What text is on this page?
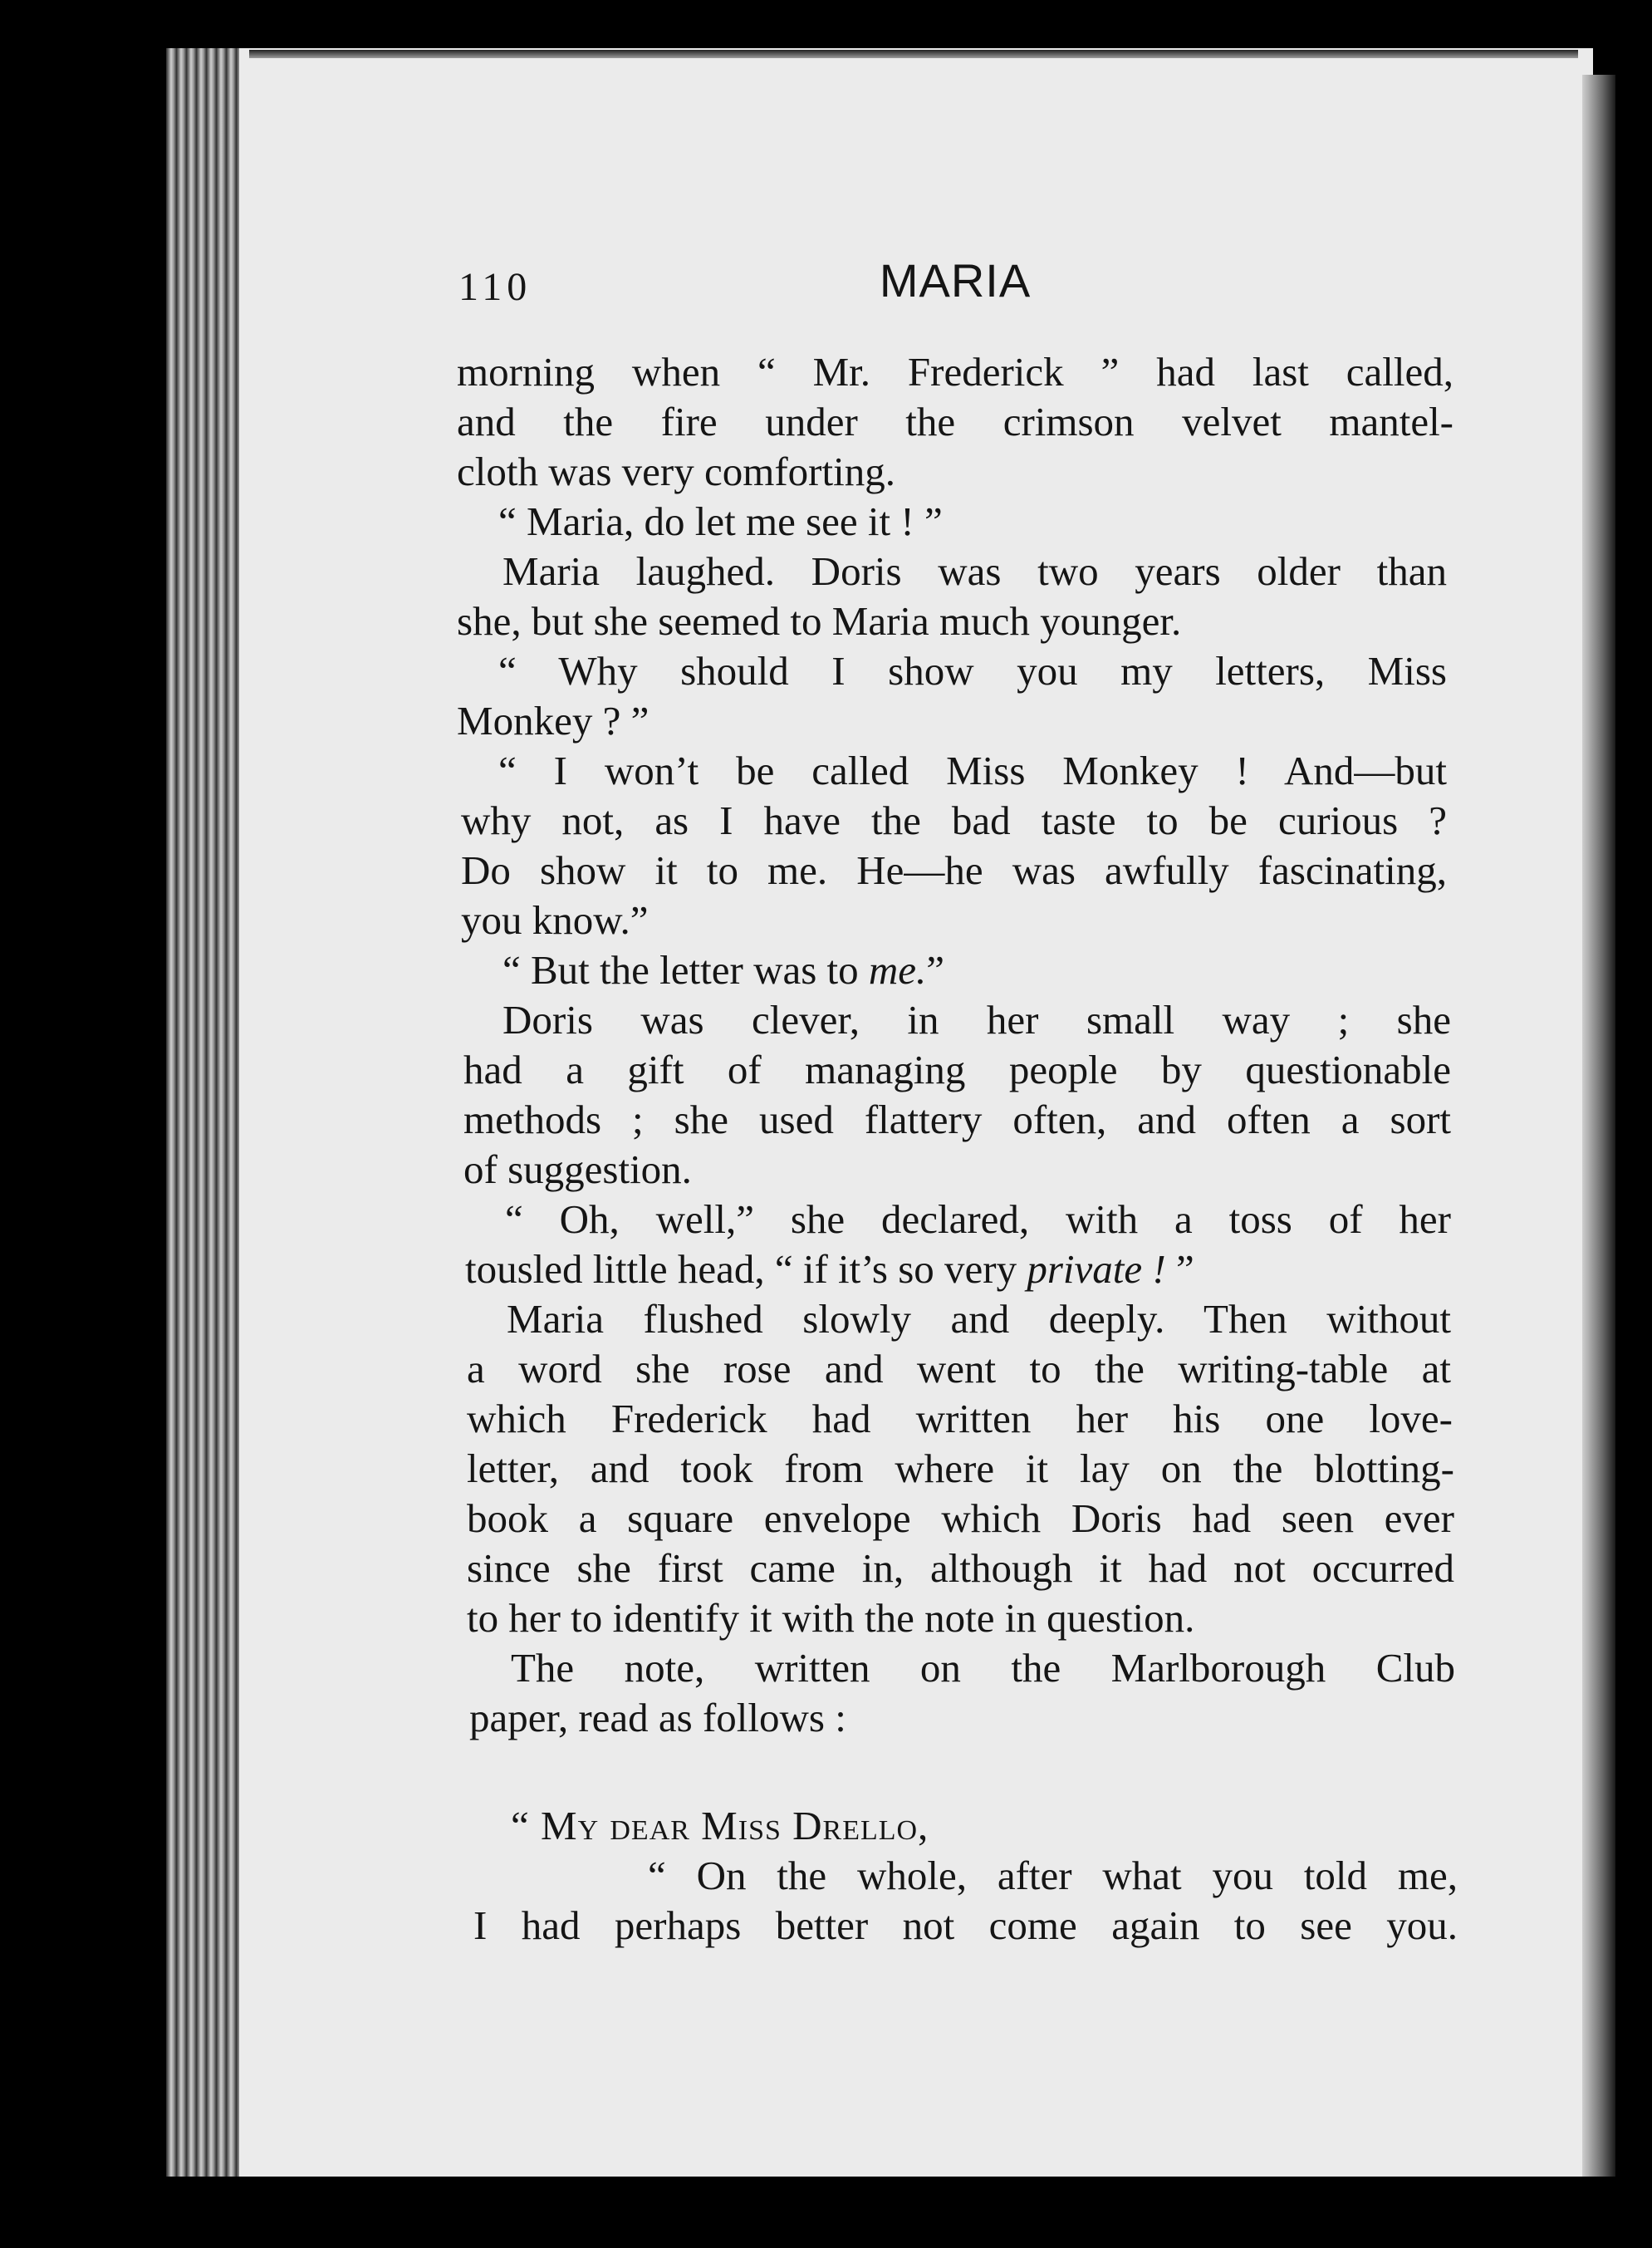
110	MARIA
morning when “ Mr. Frederick ” had last called,
and the fire under the crimson velvet mantel-
cloth was very comforting.
“ Maria, do let me see it ! ”
Maria laughed. Doris was two years older than
she, but she seemed to Maria much younger.
“ Why should I show you my letters, Miss
Monkey ? ”
“ I won’t be called Miss Monkey ! And—but
why not, as I have the bad taste to be curious ?
Do show it to me. He—he was awfully fascinating,
you know.”
“ But the letter was to me.”
Doris was clever, in her small way ; she
had a gift of managing people by questionable
methods ; she used flattery often, and often a sort
of suggestion.
“ Oh, well,” she declared, with a toss of her
tousled little head, “ if it’s so very private ! ”
Maria flushed slowly and deeply. Then without
a word she rose and went to the writing-table at
which Frederick had written her his one love-
letter, and took from where it lay on the blotting-
book a square envelope which Doris had seen ever
since she first came in, although it had not occurred
to her to identify it with the note in question.
The note, written on the Marlborough Club
paper, read as follows :
“ My dear Miss Drello,
“ On the whole, after what you told me,
I had perhaps better not come again to see you.
